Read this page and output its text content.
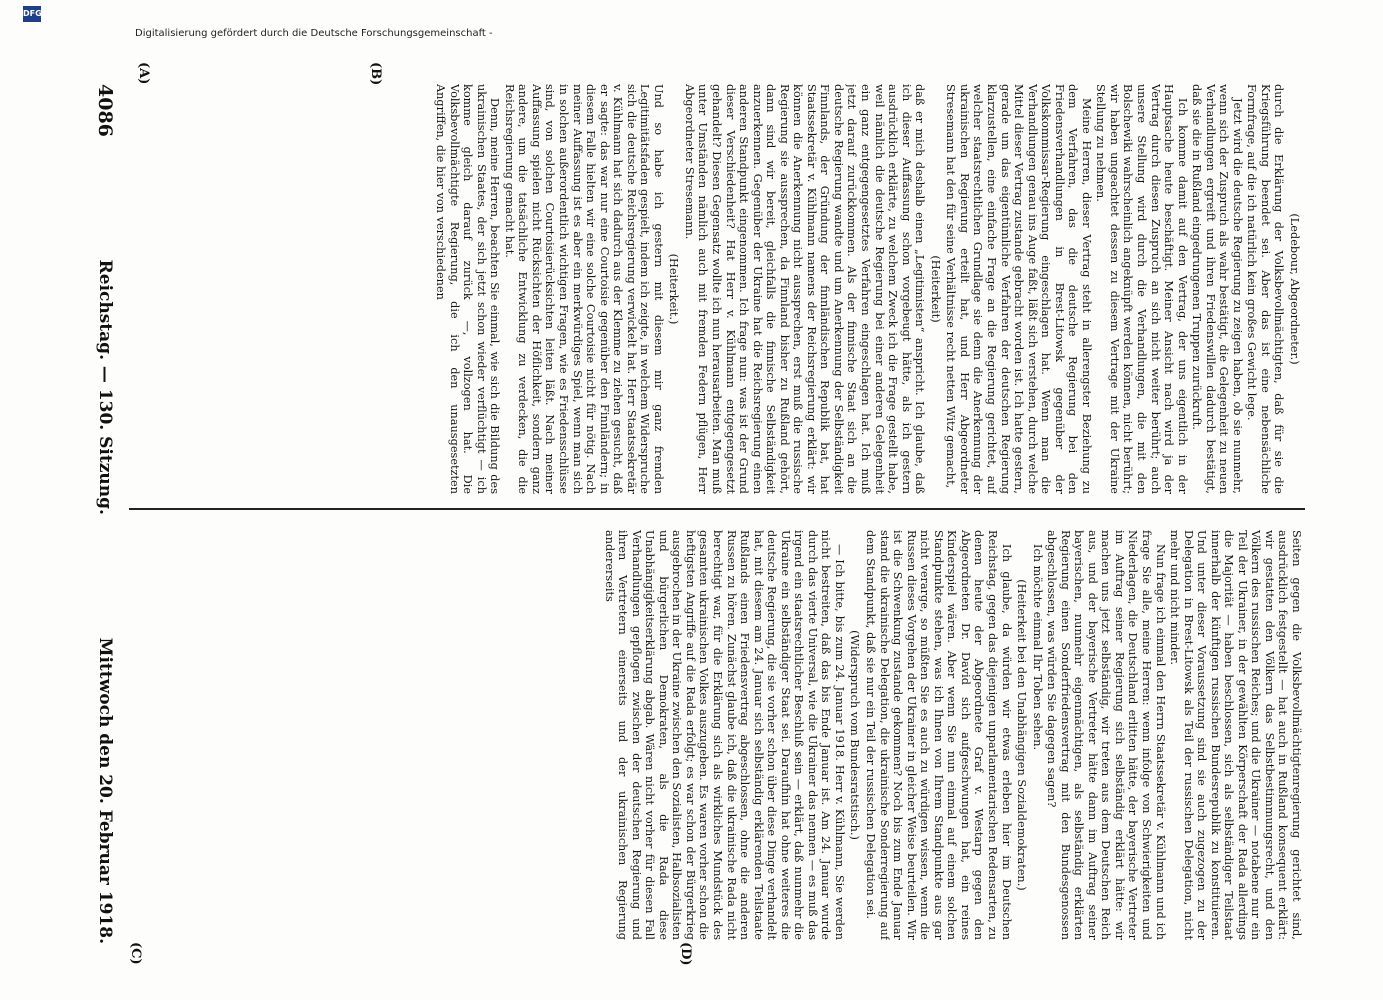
4086
Reichstag. — 130. Sitzung.
Mittwoch den 20. Februar 1918.
(A)	(B)
(C)	(D)

(Ledebour, Abgeordneter.)

durch die Erklärung der Volksbevollmächtigten, daß für sie die Kriegsführung beendet sei. Aber das ist eine nebensächliche Formfrage, auf die ich natürlich kein großes Gewicht lege.

Jetzt wird die deutsche Regierung zu zeigen haben, ob sie nunmehr, wenn sich der Zuspruch als wahr bestätigt, die Gelegenheit zu neuen Verhandlungen ergreift und ihren Friedenswillen dadurch bestätigt, daß sie die in Rußland eingedrungenen Truppen zurückruft.

Ich komme damit auf den Vertrag, der uns eigentlich in der Hauptsache heute beschäftigt. Meiner Ansicht nach wird ja der Vertrag durch diesen Zuspruch an sich nicht weiter berührt; auch unsere Stellung wird durch die Verhandlungen, die mit den Bolschewiki wahrscheinlich angeknüpft werden können, nicht berührt; wir haben ungeachtet dessen zu diesem Vertrage mit der Ukraine Stellung zu nehmen.

Meine Herren, dieser Vertrag steht in allerengster Beziehung zu dem Verfahren, das die deutsche Regierung bei den Friedensverhandlungen in Brest-Litowsk gegenüber der Volkskommissar-Regierung eingeschlagen hat. Wenn man die Verhandlungen genau ins Auge faßt, läßt sich verstehen, durch welche Mittel dieser Vertrag zustande gebracht worden ist. Ich hatte gestern, gerade um das eigentümliche Verfahren der deutschen Regierung klarzustellen, eine einfache Frage an die Regierung gerichtet, auf welcher staatsrechtlichen Grundlage sie denn die Anerkennung der ukrainischen Regierung erteilt hat, und Herr Abgeordneter Stresemann hat den für seine Verhältnisse recht netten Witz gemacht,

(Heiterkeit)

daß er mich deshalb einen „Legitimisten“ anspricht. Ich glaube, daß ich dieser Auffassung schon vorgebeugt hätte, als ich gestern ausdrücklich erklärte, zu welchem Zweck ich die Frage gestellt habe, weil nämlich die deutsche Regierung bei einer anderen Gelegenheit ein ganz entgegengesetztes Verfahren eingeschlagen hat. Ich muß jetzt darauf zurückkommen. Als der finnische Staat sich an die deutsche Regierung wandte und um Anerkennung der Selbständigkeit Finnlands, der Gründung der finnländischen Republik bat, hat Staatssekretär v. Kühlmann namens der Reichsregierung erklärt: wir können die Anerkennung nicht aussprechen, erst muß die russische Regierung sie aussprechen, da Finnland bisher zu Rußland gehört, dann sind wir bereit, gleichfalls die finnische Selbständigkeit anzuerkennen. Gegenüber der Ukraine hat die Reichsregierung einen anderen Standpunkt eingenommen. Ich frage nun: was ist der Grund dieser Verschiedenheit? Hat Herr v. Kühlmann entgegengesetzt gehandelt? Diesen Gegensatz wollte ich nun herausarbeiten. Man muß unter Umständen nämlich auch mit fremden Federn pflügen, Herr Abgeordneter Stresemann.

(Heiterkeit.)

Und so habe ich gestern mit diesem mir ganz fremden Legitimitätsfaden gespielt, indem ich zeigte, in welchem Widerspruche sich die deutsche Reichsregierung verwickelt hat. Herr Staatssekretär v. Kühlmann hat sich dadurch aus der Klemme zu ziehen gesucht, daß er sagte: das war nur eine Courtoisie gegenüber den Finnländern; in diesem Falle hielten wir eine solche Courtoisie nicht für nötig. Nach meiner Auffassung ist es aber ein merkwürdiges Spiel, wenn man sich in solchen außerordentlich wichtigen Fragen, wie es Friedensschlüsse sind, von solchen Courtoisierücksichten leiten läßt. Nach meiner Auffassung spielen nicht Rücksichten der Höflichkeit, sondern ganz andere, um die tatsächliche Entwicklung zu verdecken, die die Reichsregierung gemacht hat.

Denn, meine Herren, beachten Sie einmal, wie sich die Bildung des ukrainischen Staates, der sich jetzt schon wieder verflüchtigt — ich komme gleich darauf zurück —, vollzogen hat. Die Volksbevollmächtigte Regierung, die ich den unausgesetzten Angriffen, die hier von verschiedenen

Seiten gegen die Volksbevollmächtigtenregierung gerichtet sind, ausdrücklich festgestellt — hat auch in Rußland konsequent erklärt: wir gestatten den Völkern das Selbstbestimmungsrecht, und den Völkern des russischen Reiches; und die Ukrainer — notabene nur ein Teil der Ukrainer, in der gewählten Körperschaft der Rada allerdings die Majorität — haben beschlossen, sich als selbständiger Teilstaat innerhalb der künftigen russischen Bundesrepublik zu konstituieren. Und unter dieser Voraussetzung sind sie auch zugezogen zu der Delegation in Brest-Litowsk als Teil der russischen Delegation, nicht mehr und nicht minder.

Nun frage ich einmal den Herrn Staatssekretär v. Kühlmann und ich frage Sie alle, meine Herren: wenn infolge von Schwierigkeiten und Niederlagen, die Deutschland erlitten hätte, der bayerische Vertreter im Auftrag seiner Regierung sich selbständig erklärt hätte: wir machen uns jetzt selbständig, wir treten aus dem Deutschen Reich aus, und der bayerische Vertreter hätte dann im Auftrag seiner bayerischen, nunmehr eigenmächtigen, als selbständig erklärten Regierung einen Sonderfriedensvertrag mit den Bundesgenossen abgeschlossen, was würden Sie dagegen sagen?

Ich möchte einmal Ihr Toben sehen.

(Heiterkeit bei den Unabhängigen Sozialdemokraten.)

Ich glaube, da würden wir etwas erleben hier im Deutschen Reichstag, gegen das diejenigen unparlamentarischen Redensarten, zu denen heute der Abgeordnete Graf v. Westarp gegen den Abgeordneten Dr. David sich aufgeschwungen hat, ein reines Kinderspiel wären. Aber wenn Sie nun einmal auf einem solchen Standpunkte stehen, was ich Ihnen von Ihrem Standpunkte aus gar nicht verarge, so müßten Sie es auch zu würdigen wissen, wenn die Russen dieses Vorgehen der Ukrainer in gleicher Weise beurteilen. Wir ist die Schwenkung zustande gekommen? Noch bis zum Ende Januar stand die ukrainische Delegation, die ukrainische Sonderregierung auf dem Standpunkt, daß sie nur ein Teil der russischen Delegation sei.

(Widerspruch vom Bundesratstisch.)

— Ich bitte, bis zum 24. Januar 1918. Herr v. Kühlmann, Sie werden nicht bestreiten, daß das bis Ende Januar ist. Am 24. Januar wurde durch das vierte Universal, wie die Ukrainer das nennen — es muß das irgend ein staatsrechtlicher Beschluß sein — erklärt, daß nunmehr die Ukraine ein selbständiger Staat sei. Daraufhin hat ohne weiteres die deutsche Regierung, die sie vorher schon über diese Dinge verhandelt hat, mit diesem am 24. Januar sich selbständig erklärenden Teilstaate Rußlands einen Friedensvertrag abgeschlossen, ohne die anderen Russen zu hören. Zunächst glaube ich, daß die ukrainische Rada nicht berechtigt war, für die Erklärung sich als wirkliches Mundstück des gesamten ukrainischen Volkes auszugeben. Es waren vorher schon die heftigsten Angriffe auf die Rada erfolgt; es war schon der Bürgerkrieg ausgebrochen in der Ukraine zwischen den Sozialisten, Halbsozialisten und bürgerlichen Demokraten, als die Rada diese Unabhängigkeitserklärung abgab. Wären nicht vorher für diesen Fall Verhandlungen gepflogen zwischen der deutschen Regierung und ihren Vertretern einerseits und der ukrainischen Regierung andererseits

Digitalisierung gefördert durch die Deutsche Forschungsgemeinschaft -
DFG
